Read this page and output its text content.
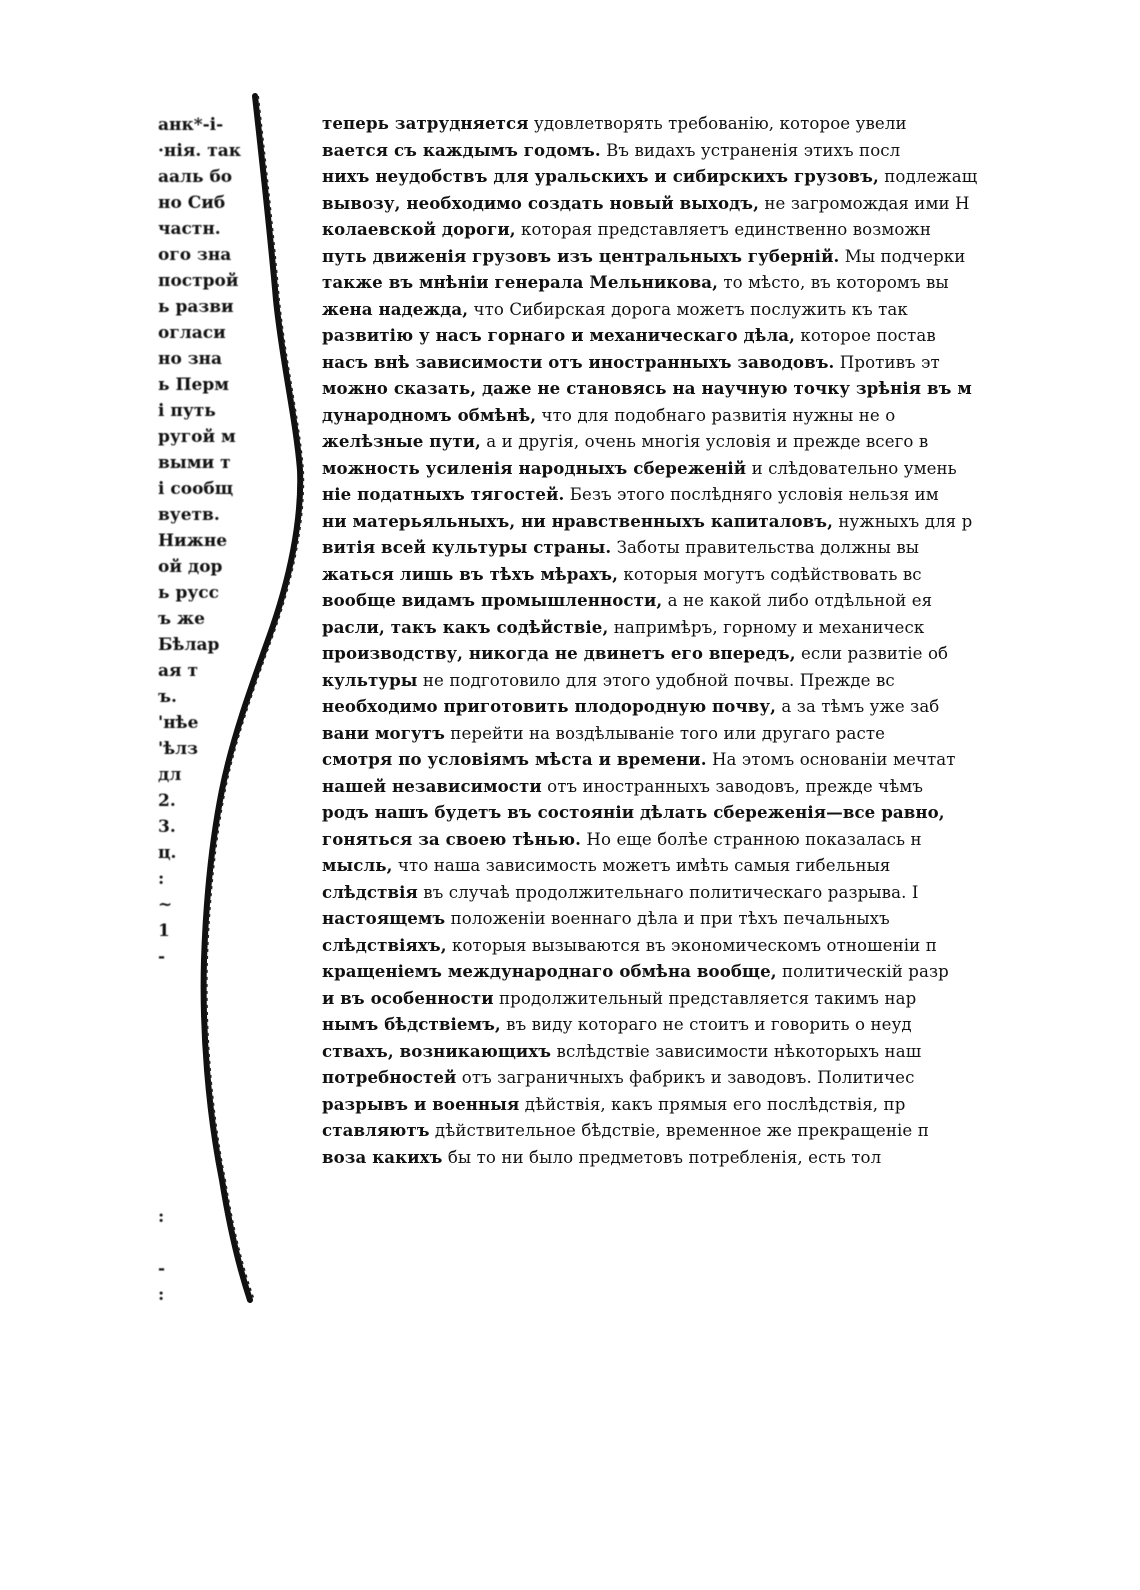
анк*-і-
·нія. так
ааль бо
но Сиб
частн.
ого зна
построй
ь разви
огласи
но зна
ь Перм
і путь
ругой м
выми т
і сообщ
вуетв.
Нижне
ой дор
ь русс
ъ же
Бѣлар
ая т
ъ.
'нѣе
'ѣлз
дл
2.
3.
ц.
:
~
1
-
:
-
:
теперь затрудняется удовлетворять требованію, которое увели
вается съ каждымъ годомъ. Въ видахъ устраненія этихъ посл
нихъ неудобствъ для уральскихъ и сибирскихъ грузовъ, подлежащ
вывозу, необходимо создать новый выходъ, не загромождая ими Н
колаевской дороги, которая представляетъ единственно возможн
путь движенія грузовъ изъ центральныхъ губерній. Мы подчерки
также въ мнѣніи генерала Мельникова, то мѣсто, въ которомъ вы
жена надежда, что Сибирская дорога можетъ послужить къ так
развитію у насъ горнаго и механическаго дѣла, которое постав
насъ внѣ зависимости отъ иностранныхъ заводовъ. Противъ эт
можно сказать, даже не становясь на научную точку зрѣнія въ м
дународномъ обмѣнѣ, что для подобнаго развитія нужны не о
желѣзные пути, а и другія, очень многія условія и прежде всего в
можность усиленія народныхъ сбереженій и слѣдовательно умень
ніе податныхъ тягостей. Безъ этого послѣдняго условія нельзя им
ни матерьяльныхъ, ни нравственныхъ капиталовъ, нужныхъ для р
витія всей культуры страны. Заботы правительства должны вы
жаться лишь въ тѣхъ мѣрахъ, которыя могутъ содѣйствовать вс
вообще видамъ промышленности, а не какой либо отдѣльной ея
расли, такъ какъ содѣйствіе, напримѣръ, горному и механическ
производству, никогда не двинетъ его впередъ, если развитіе об
культуры не подготовило для этого удобной почвы. Прежде вс
необходимо приготовить плодородную почву, а за тѣмъ уже заб
вани могутъ перейти на воздѣлываніе того или другаго расте
смотря по условіямъ мѣста и времени. На этомъ основаніи мечтат
нашей независимости отъ иностранныхъ заводовъ, прежде чѣмъ
родъ нашъ будетъ въ состояніи дѣлать сбереженія—все равно,
гоняться за своею тѣнью. Но еще болѣе странною показалась н
мысль, что наша зависимость можетъ имѣть самыя гибельныя
слѣдствія въ случаѣ продолжительнаго политическаго разрыва. І
настоящемъ положеніи военнаго дѣла и при тѣхъ печальныхъ
слѣдствіяхъ, которыя вызываются въ экономическомъ отношеніи п
кращеніемъ международнаго обмѣна вообще, политическій разр
и въ особенности продолжительный представляется такимъ нар
нымъ бѣдствіемъ, въ виду котораго не стоитъ и говорить о неуд
ствахъ, возникающихъ вслѣдствіе зависимости нѣкоторыхъ наш
потребностей отъ заграничныхъ фабрикъ и заводовъ. Политичес
разрывъ и военныя дѣйствія, какъ прямыя его послѣдствія, пр
ставляютъ дѣйствительное бѣдствіе, временное же прекращеніе п
воза какихъ бы то ни было предметовъ потребленія, есть тол
